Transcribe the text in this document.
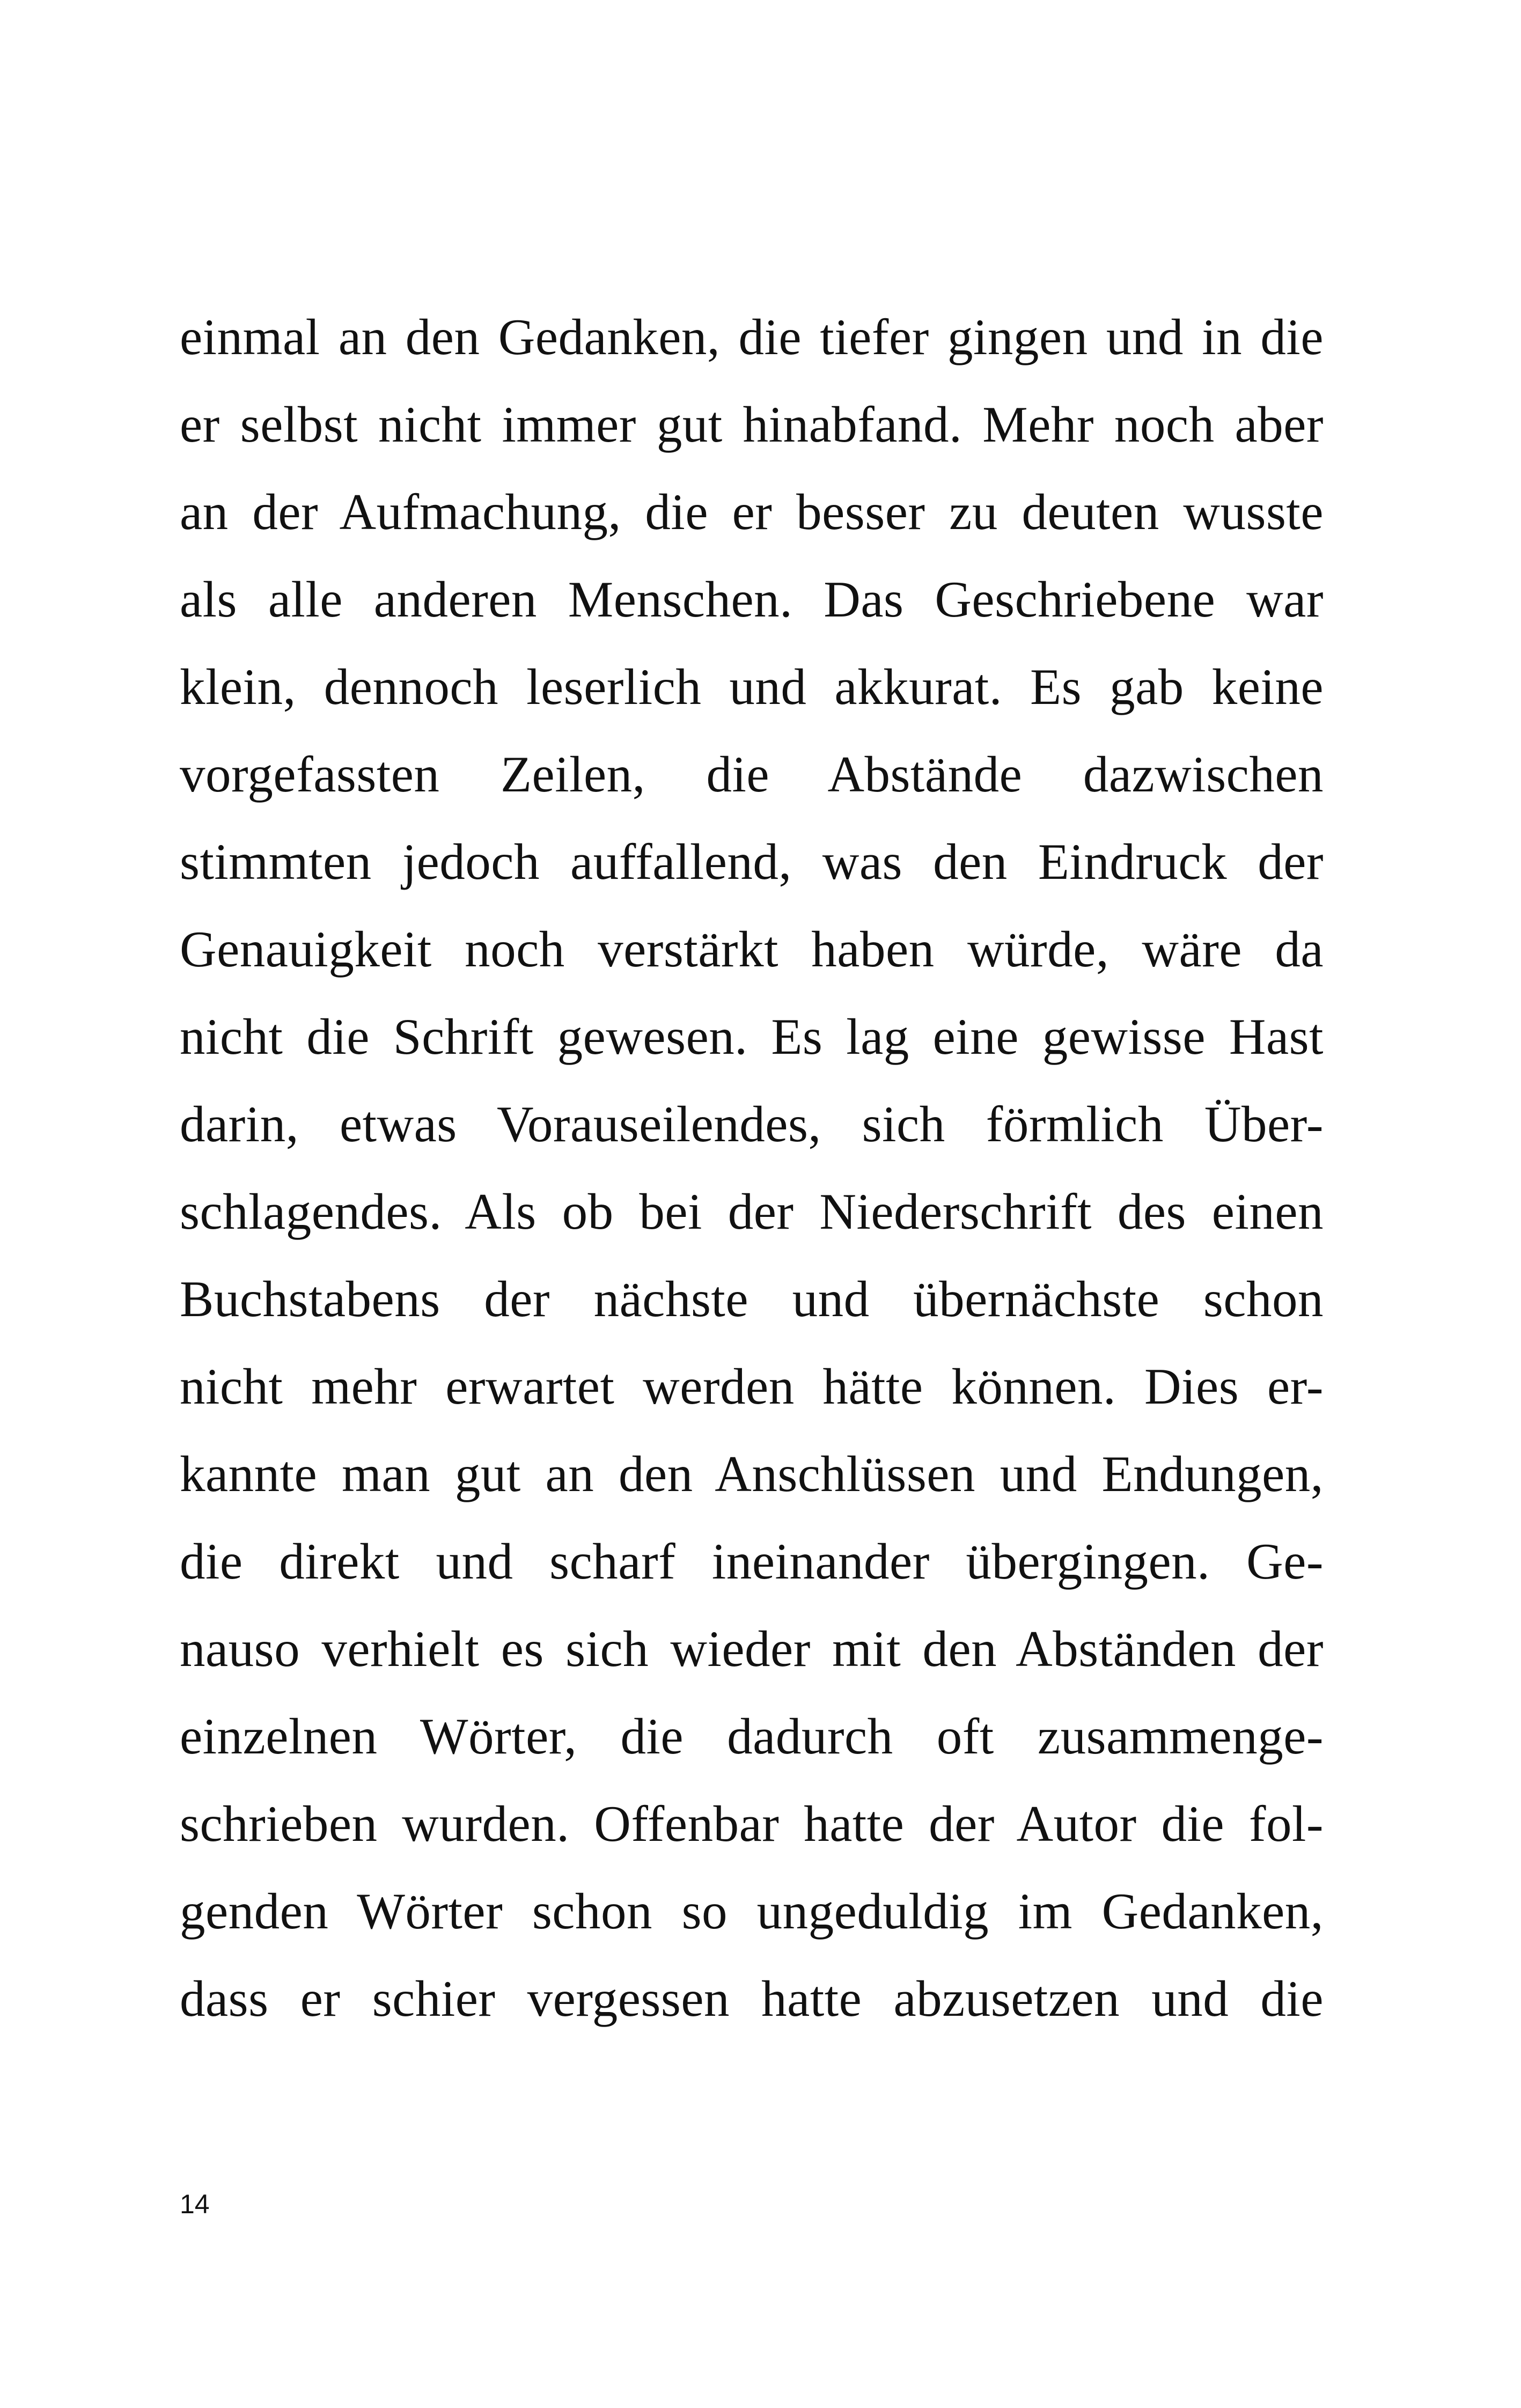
einmal an den Gedanken, die tiefer gingen und in die
er selbst nicht immer gut hinabfand. Mehr noch aber
an der Aufmachung, die er besser zu deuten wusste
als alle anderen Menschen. Das Geschriebene war
klein, dennoch leserlich und akkurat. Es gab keine
vorgefassten Zeilen, die Abstände dazwischen
stimmten jedoch auffallend, was den Eindruck der
Genauigkeit noch verstärkt haben würde, wäre da
nicht die Schrift gewesen. Es lag eine gewisse Hast
darin, etwas Vorauseilendes, sich förmlich Über-
schlagendes. Als ob bei der Niederschrift des einen
Buchstabens der nächste und übernächste schon
nicht mehr erwartet werden hätte können. Dies er-
kannte man gut an den Anschlüssen und Endungen,
die direkt und scharf ineinander übergingen. Ge-
nauso verhielt es sich wieder mit den Abständen der
einzelnen Wörter, die dadurch oft zusammenge-
schrieben wurden. Offenbar hatte der Autor die fol-
genden Wörter schon so ungeduldig im Gedanken,
dass er schier vergessen hatte abzusetzen und die
14
